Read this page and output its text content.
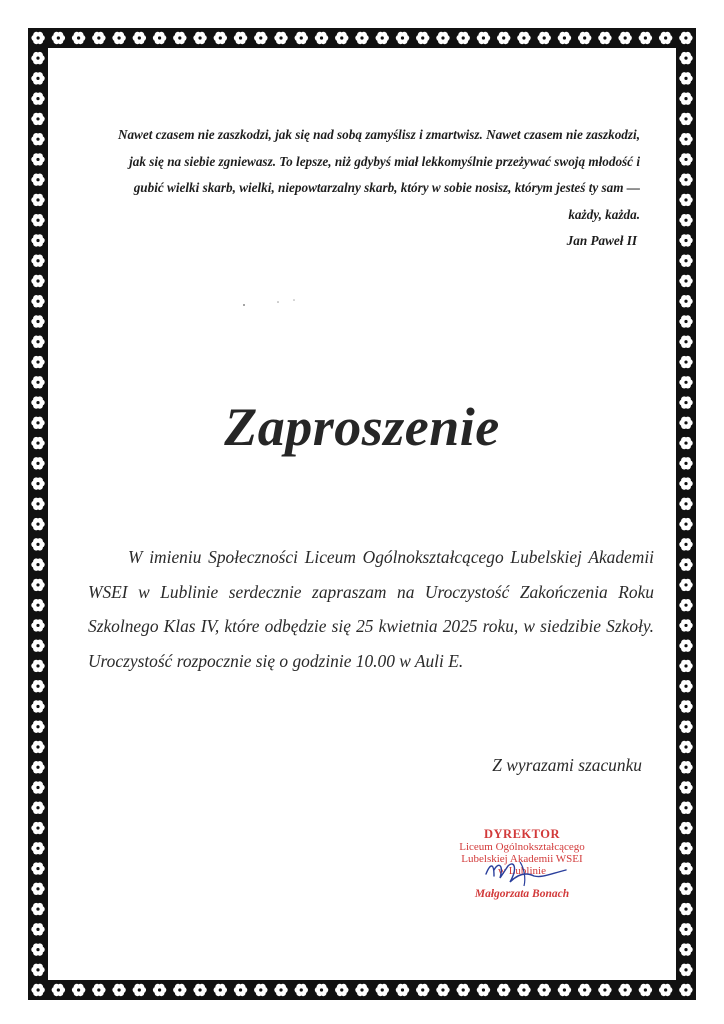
Nawet czasem nie zaszkodzi, jak się nad sobą zamyślisz i zmartwisz. Nawet czasem nie zaszkodzi, jak się na siebie zgniewasz. To lepsze, niż gdybyś miał lekkomyślnie przeżywać swoją młodość i gubić wielki skarb, wielki, niepowtarzalny skarb, który w sobie nosisz, którym jesteś ty sam — każdy, każda.
Jan Paweł II
Zaproszenie
W imieniu Społeczności Liceum Ogólnokształcącego Lubelskiej Akademii WSEI w Lublinie serdecznie zapraszam na Uroczystość Zakończenia Roku Szkolnego Klas IV, które odbędzie się 25 kwietnia 2025 roku, w siedzibie Szkoły. Uroczystość rozpocznie się o godzinie 10.00 w Auli E.
Z wyrazami szacunku
DYREKTOR
Liceum Ogólnokształcącego
Lubelskiej Akademii WSEI
w Lublinie
Małgorzata Bonach
